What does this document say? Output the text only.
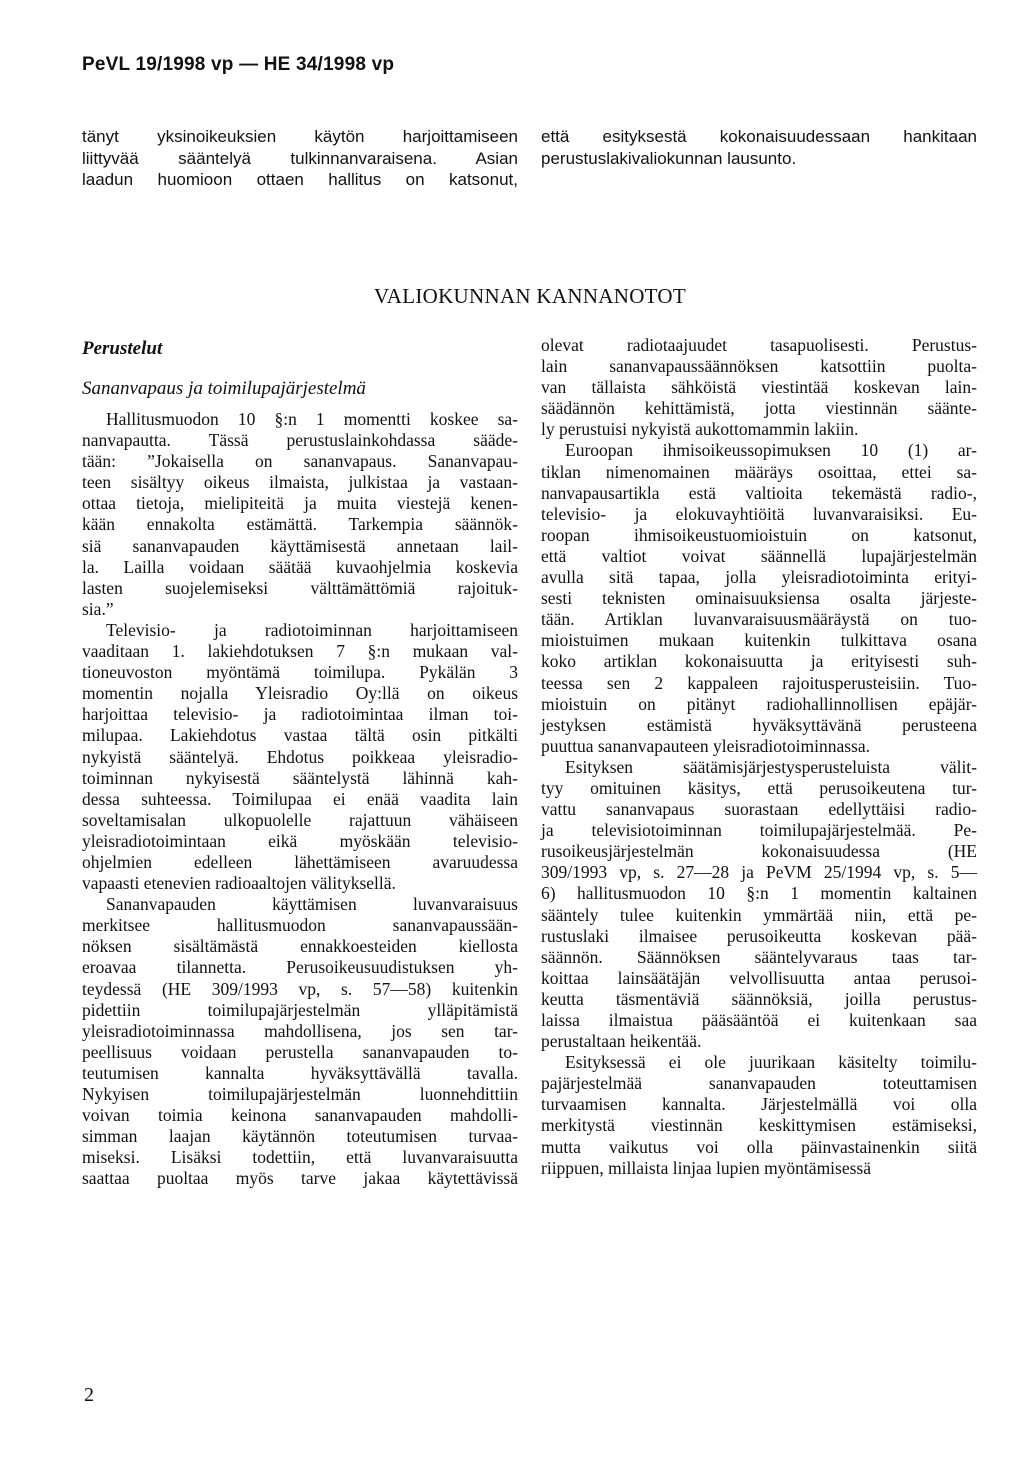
PeVL 19/1998 vp — HE 34/1998 vp
tänyt yksinoikeuksien käytön harjoittamiseen
liittyvää sääntelyä tulkinnanvaraisena. Asian
laadun huomioon ottaen hallitus on katsonut,
että esityksestä kokonaisuudessaan hankitaan
perustuslakivaliokunnan lausunto.
VALIOKUNNAN KANNANOTOT
Perustelut
Sananvapaus ja toimilupajärjestelmä
Hallitusmuodon 10 §:n 1 momentti koskee sa-
nanvapautta. Tässä perustuslainkohdassa sääde-
tään: ”Jokaisella on sananvapaus. Sananvapau-
teen sisältyy oikeus ilmaista, julkistaa ja vastaan-
ottaa tietoja, mielipiteitä ja muita viestejä kenen-
kään ennakolta estämättä. Tarkempia säännök-
siä sananvapauden käyttämisestä annetaan lail-
la. Lailla voidaan säätää kuvaohjelmia koskevia
lasten suojelemiseksi välttämättömiä rajoituk-
sia.”
Televisio- ja radiotoiminnan harjoittamiseen
vaaditaan 1. lakiehdotuksen 7 §:n mukaan val-
tioneuvoston myöntämä toimilupa. Pykälän 3
momentin nojalla Yleisradio Oy:llä on oikeus
harjoittaa televisio- ja radiotoimintaa ilman toi-
milupaa. Lakiehdotus vastaa tältä osin pitkälti
nykyistä sääntelyä. Ehdotus poikkeaa yleisradio-
toiminnan nykyisestä sääntelystä lähinnä kah-
dessa suhteessa. Toimilupaa ei enää vaadita lain
soveltamisalan ulkopuolelle rajattuun vähäiseen
yleisradiotoimintaan eikä myöskään televisio-
ohjelmien edelleen lähettämiseen avaruudessa
vapaasti etenevien radioaaltojen välityksellä.
Sananvapauden käyttämisen luvanvaraisuus
merkitsee hallitusmuodon sananvapaussään-
nöksen sisältämästä ennakkoesteiden kiellosta
eroavaa tilannetta. Perusoikeusuudistuksen yh-
teydessä (HE 309/1993 vp, s. 57—58) kuitenkin
pidettiin toimilupajärjestelmän ylläpitämistä
yleisradiotoiminnassa mahdollisena, jos sen tar-
peellisuus voidaan perustella sananvapauden to-
teutumisen kannalta hyväksyttävällä tavalla.
Nykyisen toimilupajärjestelmän luonnehdittiin
voivan toimia keinona sananvapauden mahdolli-
simman laajan käytännön toteutumisen turvaa-
miseksi. Lisäksi todettiin, että luvanvaraisuutta
saattaa puoltaa myös tarve jakaa käytettävissä
olevat radiotaajuudet tasapuolisesti. Perustus-
lain sananvapaussäännöksen katsottiin puolta-
van tällaista sähköistä viestintää koskevan lain-
säädännön kehittämistä, jotta viestinnän säänte-
ly perustuisi nykyistä aukottomammin lakiin.
Euroopan ihmisoikeussopimuksen 10 (1) ar-
tiklan nimenomainen määräys osoittaa, ettei sa-
nanvapausartikla estä valtioita tekemästä radio-,
televisio- ja elokuvayhtiöitä luvanvaraisiksi. Eu-
roopan ihmisoikeustuomioistuin on katsonut,
että valtiot voivat säännellä lupajärjestelmän
avulla sitä tapaa, jolla yleisradiotoiminta erityi-
sesti teknisten ominaisuuksiensa osalta järjeste-
tään. Artiklan luvanvaraisuusmääräystä on tuo-
mioistuimen mukaan kuitenkin tulkittava osana
koko artiklan kokonaisuutta ja erityisesti suh-
teessa sen 2 kappaleen rajoitusperusteisiin. Tuo-
mioistuin on pitänyt radiohallinnollisen epäjär-
jestyksen estämistä hyväksyttävänä perusteena
puuttua sananvapauteen yleisradiotoiminnassa.
Esityksen säätämisjärjestysperusteluista välit-
tyy omituinen käsitys, että perusoikeutena tur-
vattu sananvapaus suorastaan edellyttäisi radio-
ja televisiotoiminnan toimilupajärjestelmää. Pe-
rusoikeusjärjestelmän kokonaisuudessa (HE
309/1993 vp, s. 27—28 ja PeVM 25/1994 vp, s. 5—
6) hallitusmuodon 10 §:n 1 momentin kaltainen
sääntely tulee kuitenkin ymmärtää niin, että pe-
rustuslaki ilmaisee perusoikeutta koskevan pää-
säännön. Säännöksen sääntelyvaraus taas tar-
koittaa lainsäätäjän velvollisuutta antaa perusoi-
keutta täsmentäviä säännöksiä, joilla perustus-
laissa ilmaistua pääsääntöä ei kuitenkaan saa
perustaltaan heikentää.
Esityksessä ei ole juurikaan käsitelty toimilu-
pajärjestelmää sananvapauden toteuttamisen
turvaamisen kannalta. Järjestelmällä voi olla
merkitystä viestinnän keskittymisen estämiseksi,
mutta vaikutus voi olla päinvastainenkin siitä
riippuen, millaista linjaa lupien myöntämisessä
2
